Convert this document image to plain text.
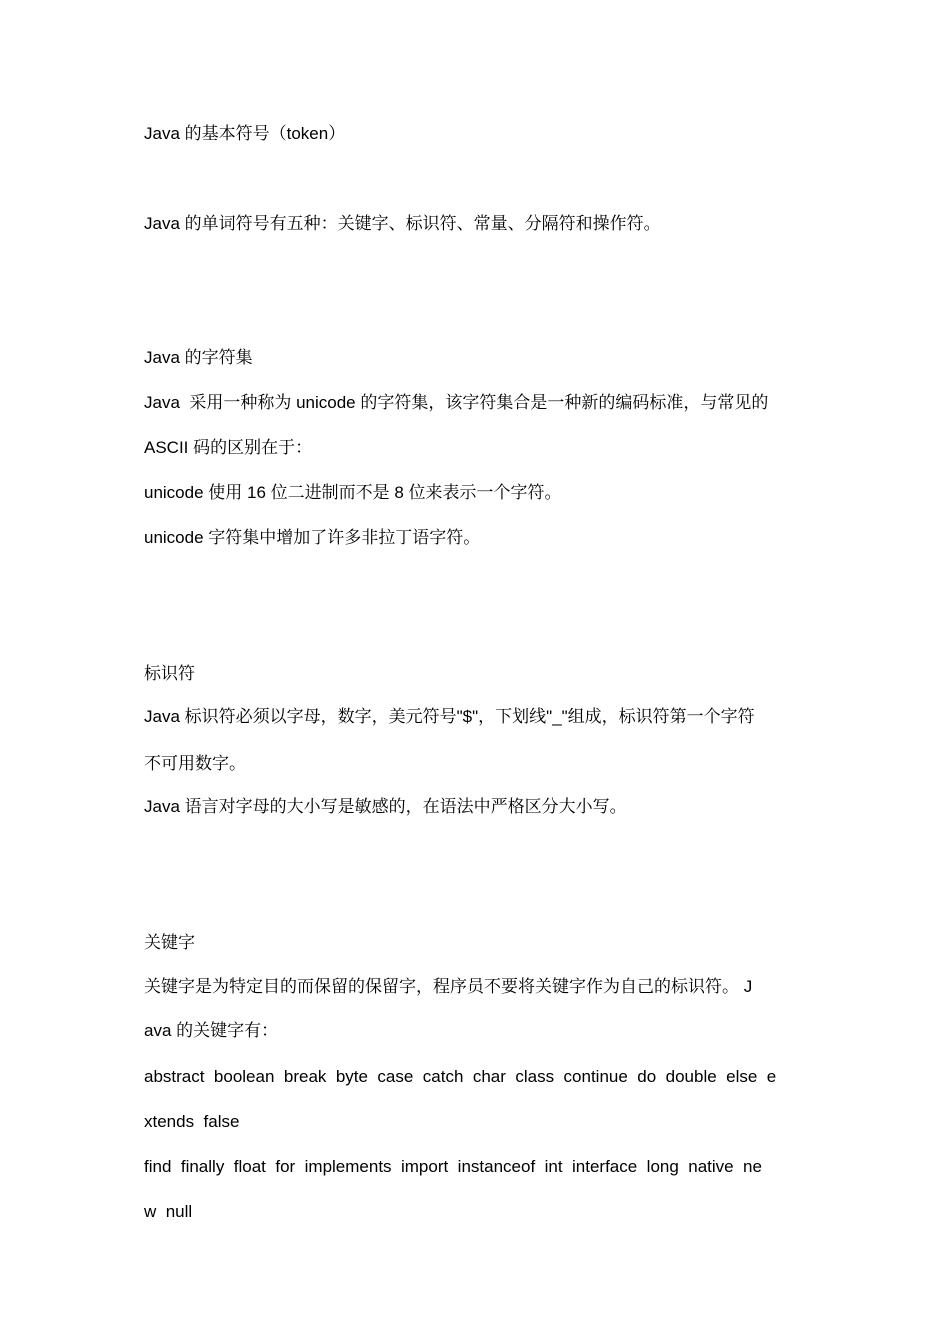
Java 的基本符号（token）
Java 的单词符号有五种：关键字、标识符、常量、分隔符和操作符。
Java 的字符集
Java  采用一种称为 unicode 的字符集，该字符集合是一种新的编码标准，与常见的
ASCII 码的区别在于：
unicode 使用 16 位二进制而不是 8 位来表示一个字符。
unicode 字符集中增加了许多非拉丁语字符。
标识符
Java 标识符必须以字母，数字，美元符号"$"，下划线"_"组成，标识符第一个字符
不可用数字。
Java 语言对字母的大小写是敏感的，在语法中严格区分大小写。
关键字
关键字是为特定目的而保留的保留字，程序员不要将关键字作为自己的标识符。 J
ava 的关键字有：
abstract  boolean  break  byte  case  catch  char  class  continue  do  double  else  e
xtends  false
find  finally  float  for  implements  import  instanceof  int  interface  long  native  ne
w  null
